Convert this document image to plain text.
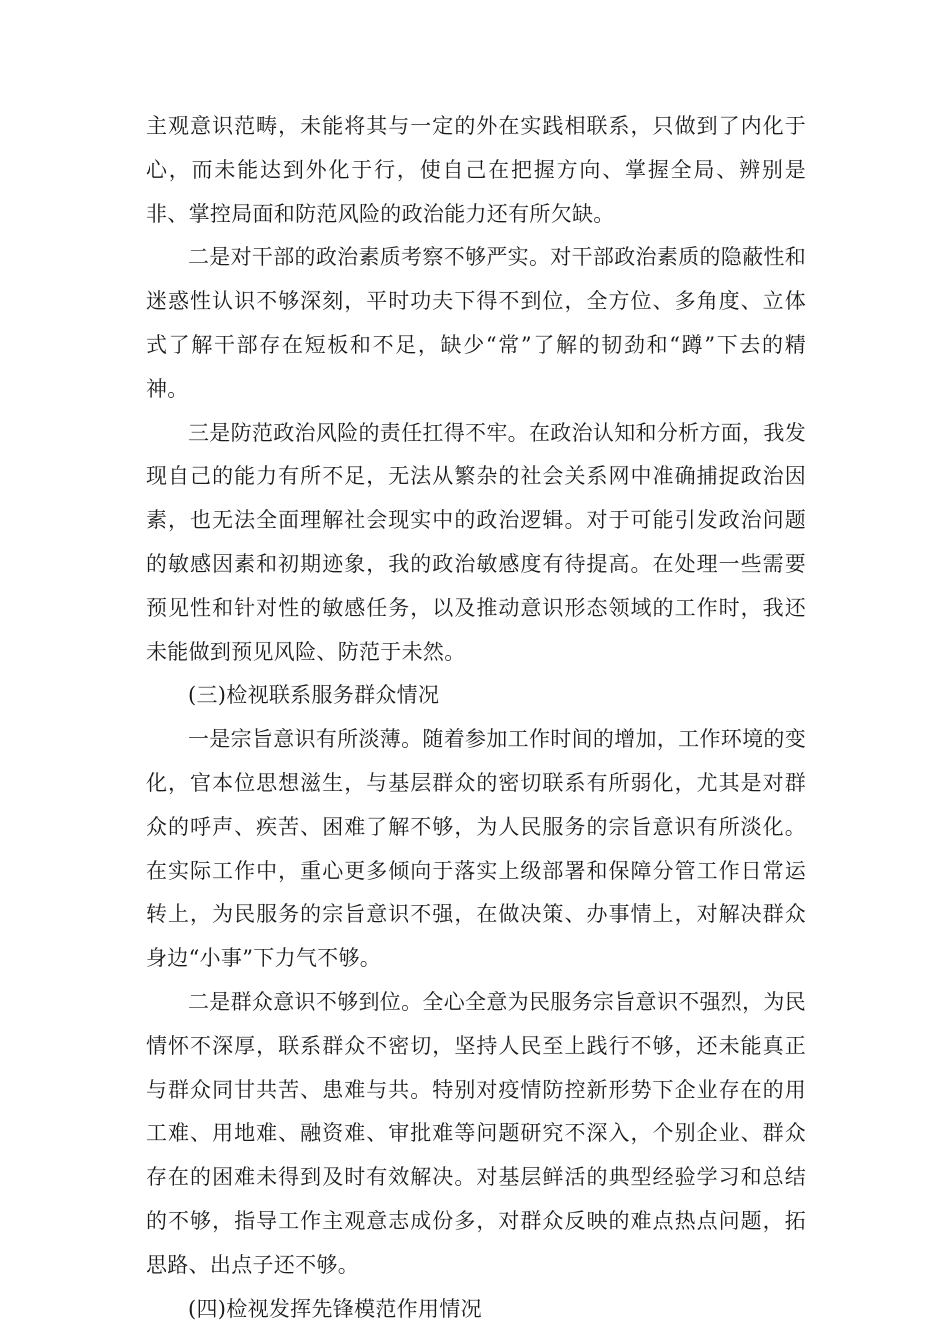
主观意识范畴，未能将其与一定的外在实践相联系，只做到了内化于心，而未能达到外化于行，使自己在把握方向、掌握全局、辨别是非、掌控局面和防范风险的政治能力还有所欠缺。

二是对干部的政治素质考察不够严实。对干部政治素质的隐蔽性和迷惑性认识不够深刻，平时功夫下得不到位，全方位、多角度、立体式了解干部存在短板和不足，缺少“常”了解的韧劲和“蹲”下去的精神。

三是防范政治风险的责任扛得不牢。在政治认知和分析方面，我发现自己的能力有所不足，无法从繁杂的社会关系网中准确捕捉政治因素，也无法全面理解社会现实中的政治逻辑。对于可能引发政治问题的敏感因素和初期迹象，我的政治敏感度有待提高。在处理一些需要预见性和针对性的敏感任务，以及推动意识形态领域的工作时，我还未能做到预见风险、防范于未然。

(三)检视联系服务群众情况

一是宗旨意识有所淡薄。随着参加工作时间的增加，工作环境的变化，官本位思想滋生，与基层群众的密切联系有所弱化，尤其是对群众的呼声、疾苦、困难了解不够，为人民服务的宗旨意识有所淡化。在实际工作中，重心更多倾向于落实上级部署和保障分管工作日常运转上，为民服务的宗旨意识不强，在做决策、办事情上，对解决群众身边“小事”下力气不够。

二是群众意识不够到位。全心全意为民服务宗旨意识不强烈，为民情怀不深厚，联系群众不密切，坚持人民至上践行不够，还未能真正与群众同甘共苦、患难与共。特别对疫情防控新形势下企业存在的用工难、用地难、融资难、审批难等问题研究不深入，个别企业、群众存在的困难未得到及时有效解决。对基层鲜活的典型经验学习和总结的不够，指导工作主观意志成份多，对群众反映的难点热点问题，拓思路、出点子还不够。

(四)检视发挥先锋模范作用情况
